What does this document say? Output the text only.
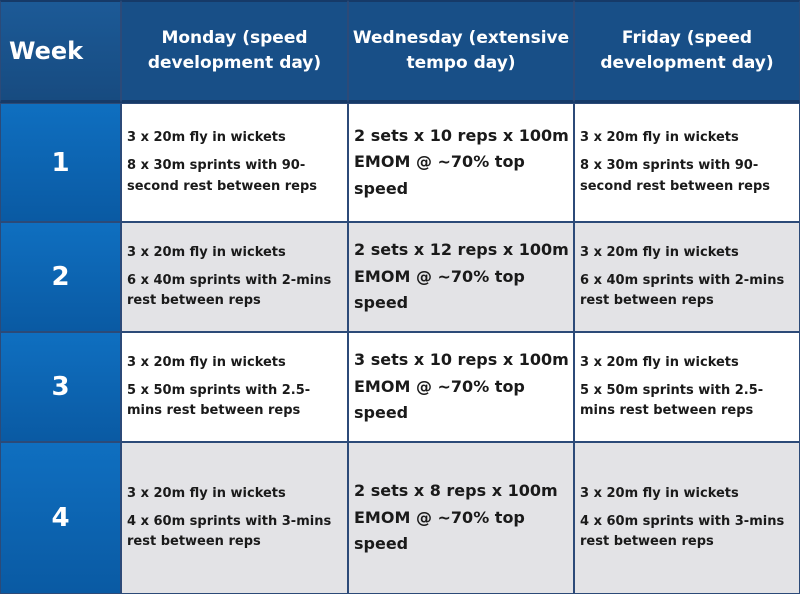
Week	Monday (speed development day)
Wednesday (extensive tempo day)
Friday (speed development day)
1
3 x 20m fly in wickets
8 x 30m sprints with 90-second rest between reps
2 sets x 10 reps x 100m EMOM @ ~70% top speed
3 x 20m fly in wickets
8 x 30m sprints with 90-second rest between reps
2
3 x 20m fly in wickets
6 x 40m sprints with 2-mins rest between reps
2 sets x 12 reps x 100m EMOM @ ~70% top speed
3 x 20m fly in wickets
6 x 40m sprints with 2-mins rest between reps
3
3 x 20m fly in wickets
5 x 50m sprints with 2.5-mins rest between reps
3 sets x 10 reps x 100m EMOM @ ~70% top speed
3 x 20m fly in wickets
5 x 50m sprints with 2.5-mins rest between reps
4
3 x 20m fly in wickets
4 x 60m sprints with 3-mins rest between reps
2 sets x 8 reps x 100m EMOM @ ~70% top speed
3 x 20m fly in wickets
4 x 60m sprints with 3-mins rest between reps
